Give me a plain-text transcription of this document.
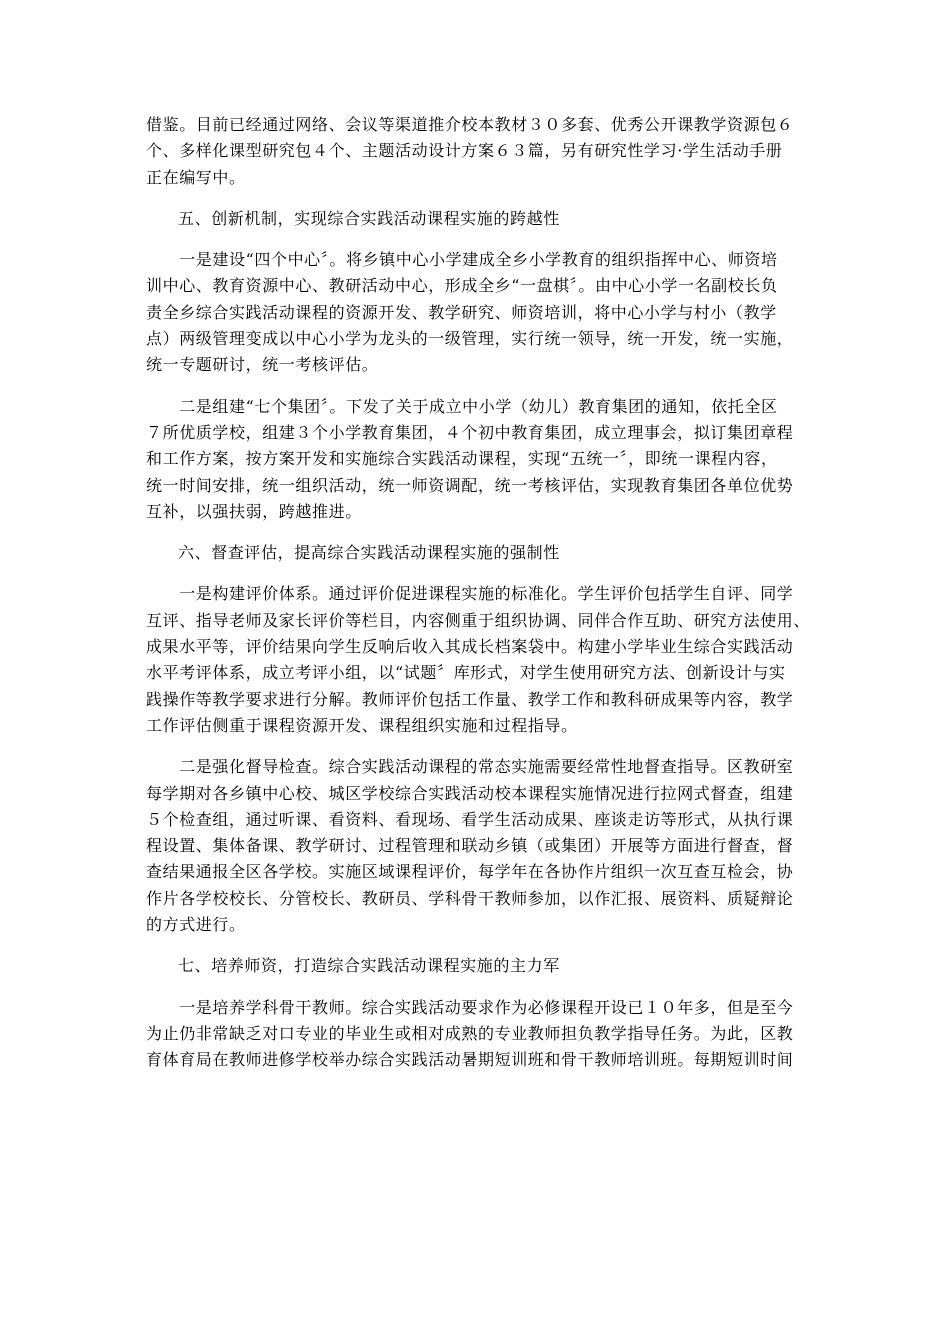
借鉴。目前已经通过网络、会议等渠道推介校本教材３０多套、优秀公开课教学资源包６
个、多样化课型研究包４个、主题活动设计方案６３篇，另有研究性学习·学生活动手册
正在编写中。

五、创新机制，实现综合实践活动课程实施的跨越性

　　一是建设“四个中心〞。将乡镇中心小学建成全乡小学教育的组织指挥中心、师资培
训中心、教育资源中心、教研活动中心，形成全乡“一盘棋〞。由中心小学一名副校长负
责全乡综合实践活动课程的资源开发、教学研究、师资培训，将中心小学与村小（教学
点）两级管理变成以中心小学为龙头的一级管理，实行统一领导，统一开发，统一实施，
统一专题研讨，统一考核评估。

　　二是组建“七个集团〞。下发了关于成立中小学（幼儿）教育集团的通知，依托全区
７所优质学校，组建３个小学教育集团，４个初中教育集团，成立理事会，拟订集团章程
和工作方案，按方案开发和实施综合实践活动课程，实现“五统一〞，即统一课程内容，
统一时间安排，统一组织活动，统一师资调配，统一考核评估，实现教育集团各单位优势
互补，以强扶弱，跨越推进。

六、督查评估，提高综合实践活动课程实施的强制性

　　一是构建评价体系。通过评价促进课程实施的标准化。学生评价包括学生自评、同学
互评、指导老师及家长评价等栏目，内容侧重于组织协调、同伴合作互助、研究方法使用、
成果水平等，评价结果向学生反响后收入其成长档案袋中。构建小学毕业生综合实践活动
水平考评体系，成立考评小组，以“试题〞库形式，对学生使用研究方法、创新设计与实
践操作等教学要求进行分解。教师评价包括工作量、教学工作和教科研成果等内容，教学
工作评估侧重于课程资源开发、课程组织实施和过程指导。

　　二是强化督导检查。综合实践活动课程的常态实施需要经常性地督查指导。区教研室
每学期对各乡镇中心校、城区学校综合实践活动校本课程实施情况进行拉网式督查，组建
５个检查组，通过听课、看资料、看现场、看学生活动成果、座谈走访等形式，从执行课
程设置、集体备课、教学研讨、过程管理和联动乡镇（或集团）开展等方面进行督查，督
查结果通报全区各学校。实施区域课程评价，每学年在各协作片组织一次互查互检会，协
作片各学校校长、分管校长、教研员、学科骨干教师参加，以作汇报、展资料、质疑辩论
的方式进行。

七、培养师资，打造综合实践活动课程实施的主力军

　　一是培养学科骨干教师。综合实践活动要求作为必修课程开设已１０年多，但是至今
为止仍非常缺乏对口专业的毕业生或相对成熟的专业教师担负教学指导任务。为此，区教
育体育局在教师进修学校举办综合实践活动暑期短训班和骨干教师培训班。每期短训时间
